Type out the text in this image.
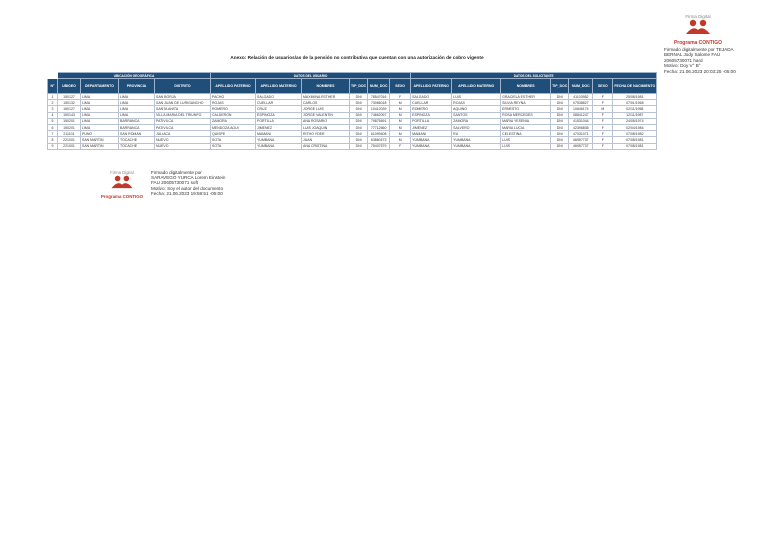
Firma Digital
Programa CONTIGO
Firmado digitalmente por TEJADA
BERNAL Jody Salome FAU
20605730071 hard
Motivo: Doy V° B°
Fecha: 21.06.2023 20:03:25 -05:00
Anexo: Relación de usuarios/as de la pensión no contributiva que cuentan con una autorización de cobro vigente
	UBICACIÓN GEOGRÁFICA				DATOS DEL USUARIO						DATOS DEL SOLICITANTE						
N°	UBIGEO	DEPARTAMENTO	PROVINCIA	DISTRITO	APELLIDO PATERNO	APELLIDO MATERNO	NOMBRES	TIP_DOC	NUM_DOC	SEXO	APELLIDO PATERNO	APELLIDO MATERNO	NOMBRES	TIP_DOC	NUM_DOC	SEXO	FECHA DE NACIMIENTO
1	150127	LIMA	LIMA	SAN BORJA	PACHO	SALGADO	MAXIMINA ESTHER	DNI	78547016	F	SALGADO	LUIS	GRACIELA ESTHER	DNI	41103952	F	25/08/1981
2	150132	LIMA	LIMA	SAN JUAN DE LURIGANCHO	ROJAS	CUELLAR	CARLOS	DNI	73066018	M	CUELLAR	ROJAS	SILVIA REYNA	DNI	07538827	F	07/01/1968
3	150127	LIMA	LIMA	SANTA ANITA	ROMERO	CRUZ	JORGE LUIS	DNI	10412039	M	ROMERO	AQUINO	ERNESTO	DNI	10646174	M	02/11/1958
4	150143	LIMA	LIMA	VILLA MARIA DEL TRIUNFO	CALDERON	ESPINOZA	JORGE VALENTIN	DNI	74662097	M	ESPINOZA	SANTOS	ROSA MERCEDES	DNI	08841247	F	12/11/1987
5	150201	LIMA	BARRANCA	PATIVILCA	ZAMORA	PORTILLA	ANA ROSARIO	DNI	79875691	M	PORTILLA	ZAMORA	MARIA YESENIA	DNI	41531044	F	24/05/1974
6	150201	LIMA	BARRANCA	PATIVILCA	MENDOZA AGUI	JIMENEZ	LUIS JOAQUIN	DNI	77712660	M	JIMENEZ	SALVERO	MARIA LUCIA	DNI	42396808	F	02/04/1984
7	211101	PUNO	SAN ROMAN	JULIACA	QUISPE	MAMANI	RITHO YDER	DNI	61099408	M	MAMANI	RU	CELESTINA	DNI	47031071	F	07/08/1982
8	221001	SAN MARTIN	TOCACHE	NUEVO	SOTA	YUMBANA	JUAN	DNI	63860473	M	YUMBANA	YUMBANA	LUIS	DNI	46957737	F	07/08/1981
9	221001	SAN MARTIN	TOCACHE	NUEVO	SOTA	YUMBANA	ANA CRISTINA	DNI	75407579	F	YUMBANA	YUMBANA	LUIS	DNI	46957737	F	07/08/1981
Firma Digital
Programa CONTIGO
Firmado digitalmente por
SARAVEGO YURCA Lorem Einstein
FAU 20605730071 soft
Motivo: Soy el autor del documento
Fecha: 21.06.2023 19:58:51 -05:00
